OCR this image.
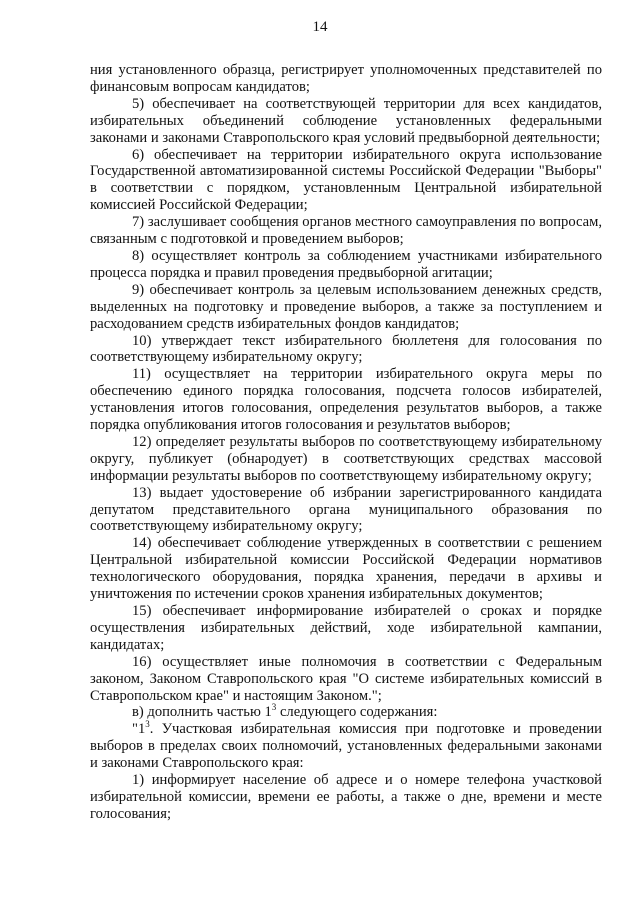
14

ния установленного образца, регистрирует уполномоченных представителей по финансовым вопросам кандидатов;

5) обеспечивает на соответствующей территории для всех кандидатов, избирательных объединений соблюдение установленных федеральными законами и законами Ставропольского края условий предвыборной деятельности;

6) обеспечивает на территории избирательного округа использование Государственной автоматизированной системы Российской Федерации "Выборы" в соответствии с порядком, установленным Центральной избирательной комиссией Российской Федерации;

7) заслушивает сообщения органов местного самоуправления по вопросам, связанным с подготовкой и проведением выборов;

8) осуществляет контроль за соблюдением участниками избирательного процесса порядка и правил проведения предвыборной агитации;

9) обеспечивает контроль за целевым использованием денежных средств, выделенных на подготовку и проведение выборов, а также за поступлением и расходованием средств избирательных фондов кандидатов;

10) утверждает текст избирательного бюллетеня для голосования по соответствующему избирательному округу;

11) осуществляет на территории избирательного округа меры по обеспечению единого порядка голосования, подсчета голосов избирателей, установления итогов голосования, определения результатов выборов, а также порядка опубликования итогов голосования и результатов выборов;

12) определяет результаты выборов по соответствующему избирательному округу, публикует (обнародует) в соответствующих средствах массовой информации результаты выборов по соответствующему избирательному округу;

13) выдает удостоверение об избрании зарегистрированного кандидата депутатом представительного органа муниципального образования по соответствующему избирательному округу;

14) обеспечивает соблюдение утвержденных в соответствии с решением Центральной избирательной комиссии Российской Федерации нормативов технологического оборудования, порядка хранения, передачи в архивы и уничтожения по истечении сроков хранения избирательных документов;

15) обеспечивает информирование избирателей о сроках и порядке осуществления избирательных действий, ходе избирательной кампании, кандидатах;

16) осуществляет иные полномочия в соответствии с Федеральным законом, Законом Ставропольского края "О системе избирательных комиссий в Ставропольском крае" и настоящим Законом.";

в) дополнить частью $1^3$ следующего содержания:

"$1^3$. Участковая избирательная комиссия при подготовке и проведении выборов в пределах своих полномочий, установленных федеральными законами и законами Ставропольского края:

1) информирует население об адресе и о номере телефона участковой избирательной комиссии, времени ее работы, а также о дне, времени и месте голосования;
